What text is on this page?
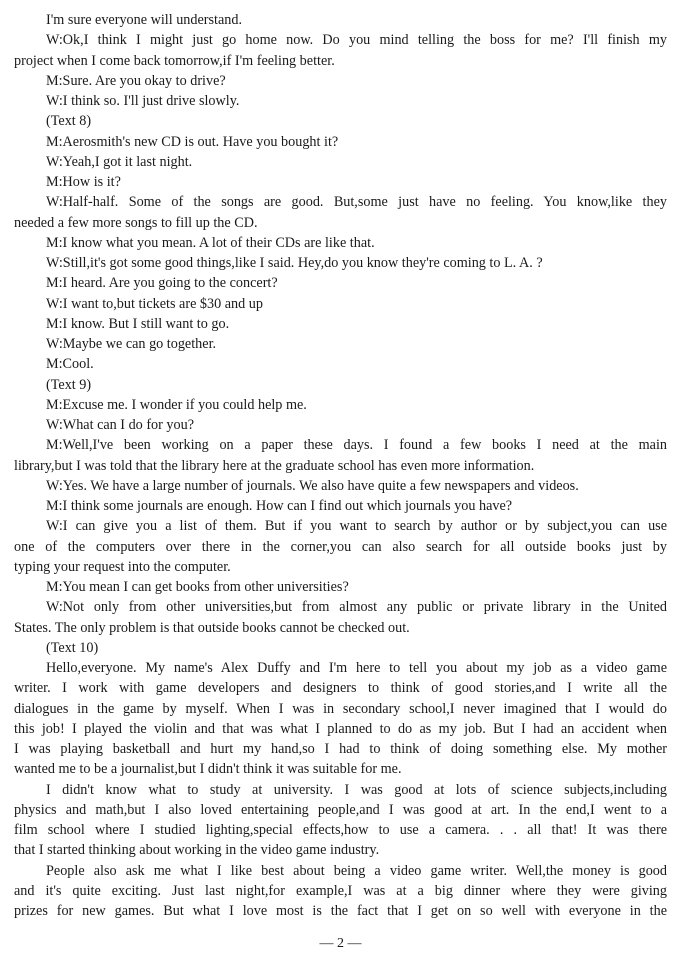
I'm sure everyone will understand.
W:Ok,I think I might just go home now. Do you mind telling the boss for me? I'll finish my
project when I come back tomorrow,if I'm feeling better.
M:Sure. Are you okay to drive?
W:I think so. I'll just drive slowly.
(Text 8)
M:Aerosmith's new CD is out. Have you bought it?
W:Yeah,I got it last night.
M:How is it?
W:Half-half. Some of the songs are good. But,some just have no feeling. You know,like they
needed a few more songs to fill up the CD.
M:I know what you mean. A lot of their CDs are like that.
W:Still,it's got some good things,like I said. Hey,do you know they're coming to L. A. ?
M:I heard. Are you going to the concert?
W:I want to,but tickets are $30 and up
M:I know. But I still want to go.
W:Maybe we can go together.
M:Cool.
(Text 9)
M:Excuse me. I wonder if you could help me.
W:What can I do for you?
M:Well,I've been working on a paper these days. I found a few books I need at the main
library,but I was told that the library here at the graduate school has even more information.
W:Yes. We have a large number of journals. We also have quite a few newspapers and videos.
M:I think some journals are enough. How can I find out which journals you have?
W:I can give you a list of them. But if you want to search by author or by subject,you can use
one of the computers over there in the corner,you can also search for all outside books just by
typing your request into the computer.
M:You mean I can get books from other universities?
W:Not only from other universities,but from almost any public or private library in the United
States. The only problem is that outside books cannot be checked out.
(Text 10)
Hello,everyone. My name's Alex Duffy and I'm here to tell you about my job as a video game
writer. I work with game developers and designers to think of good stories,and I write all the
dialogues in the game by myself. When I was in secondary school,I never imagined that I would do
this job! I played the violin and that was what I planned to do as my job. But I had an accident when
I was playing basketball and hurt my hand,so I had to think of doing something else. My mother
wanted me to be a journalist,but I didn't think it was suitable for me.
I didn't know what to study at university. I was good at lots of science subjects,including
physics and math,but I also loved entertaining people,and I was good at art. In the end,I went to a
film school where I studied lighting,special effects,how to use a camera. . . all that! It was there
that I started thinking about working in the video game industry.
People also ask me what I like best about being a video game writer. Well,the money is good
and it's quite exciting. Just last night,for example,I was at a big dinner where they were giving
prizes for new games. But what I love most is the fact that I get on so well with everyone in the
— 2 —
